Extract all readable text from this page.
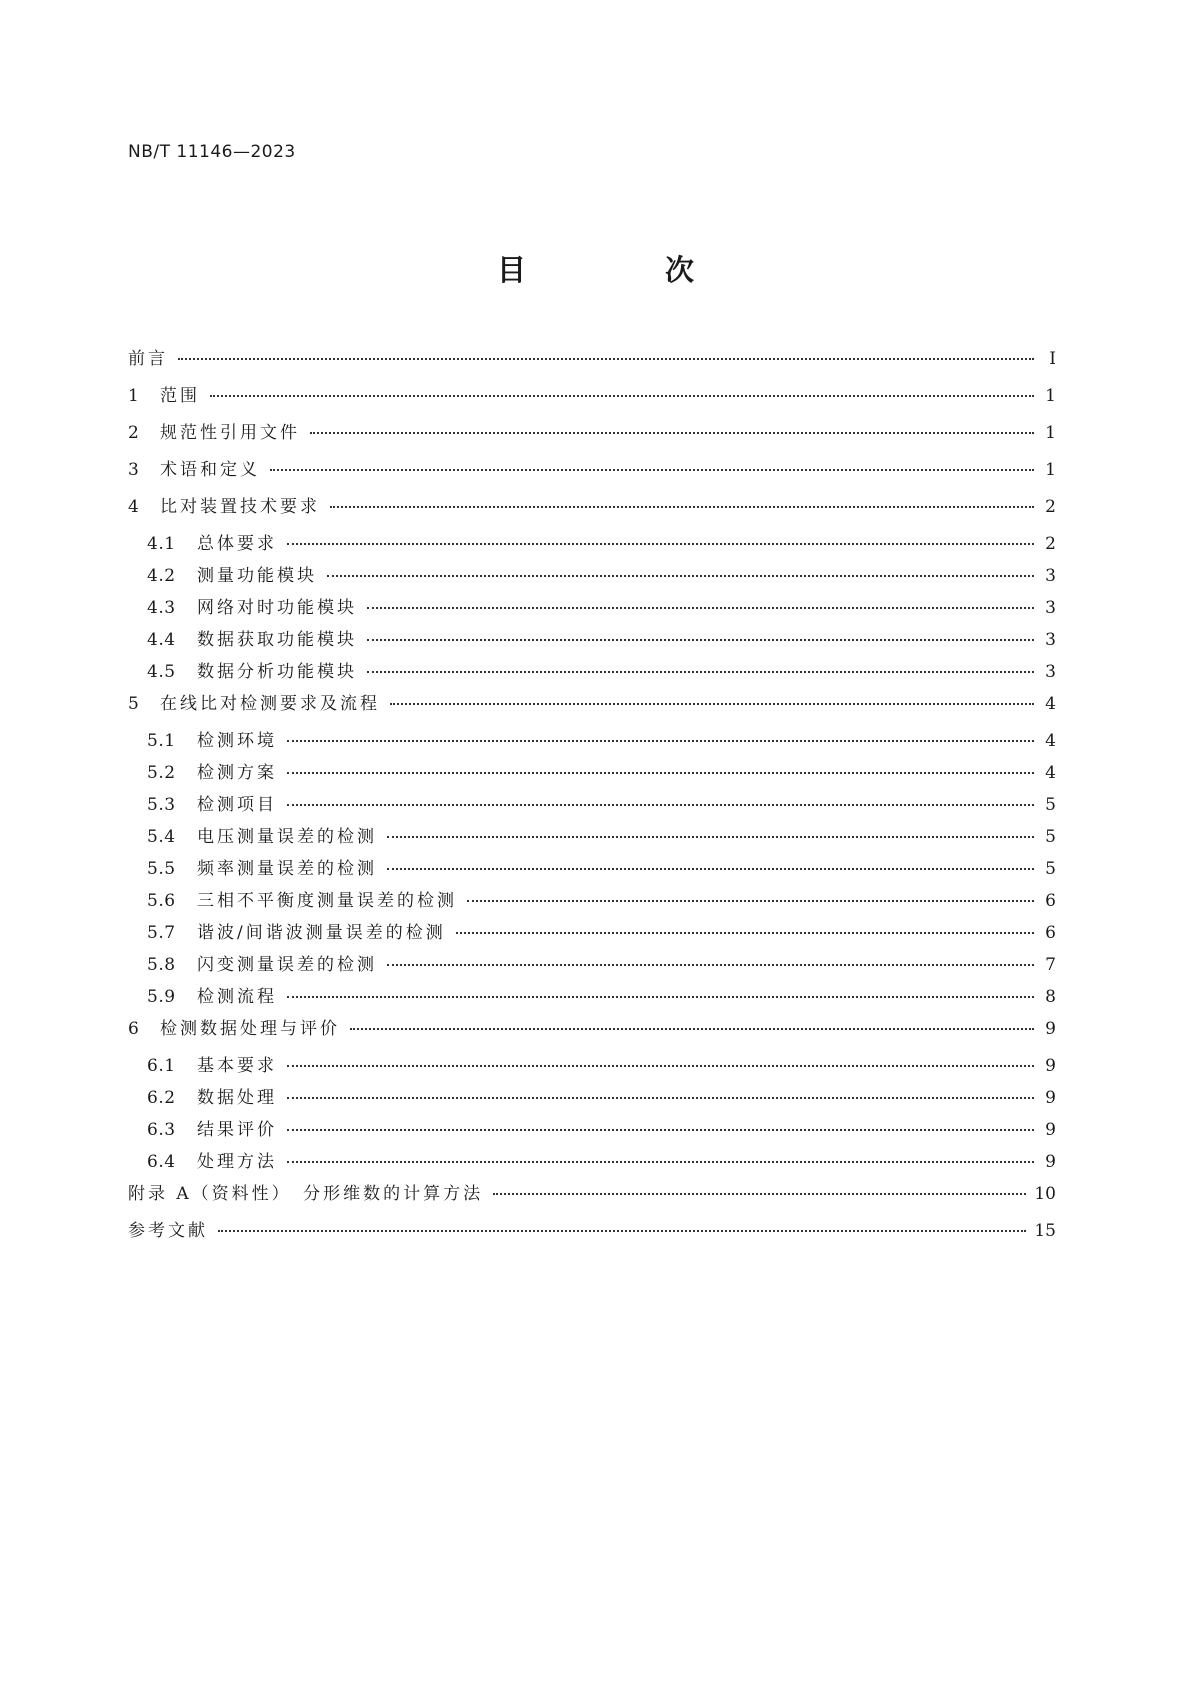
NB/T 11146—2023
目　次
前言	Ⅰ
1	范围	1
2	规范性引用文件	1
3	术语和定义	1
4	比对装置技术要求	2
4.1	总体要求	2
4.2	测量功能模块	3
4.3	网络对时功能模块	3
4.4	数据获取功能模块	3
4.5	数据分析功能模块	3
5	在线比对检测要求及流程	4
5.1	检测环境	4
5.2	检测方案	4
5.3	检测项目	5
5.4	电压测量误差的检测	5
5.5	频率测量误差的检测	5
5.6	三相不平衡度测量误差的检测	6
5.7	谐波/间谐波测量误差的检测	6
5.8	闪变测量误差的检测	7
5.9	检测流程	8
6	检测数据处理与评价	9
6.1	基本要求	9
6.2	数据处理	9
6.3	结果评价	9
6.4	处理方法	9
附录 A（资料性）　分形维数的计算方法	10
参考文献	15
